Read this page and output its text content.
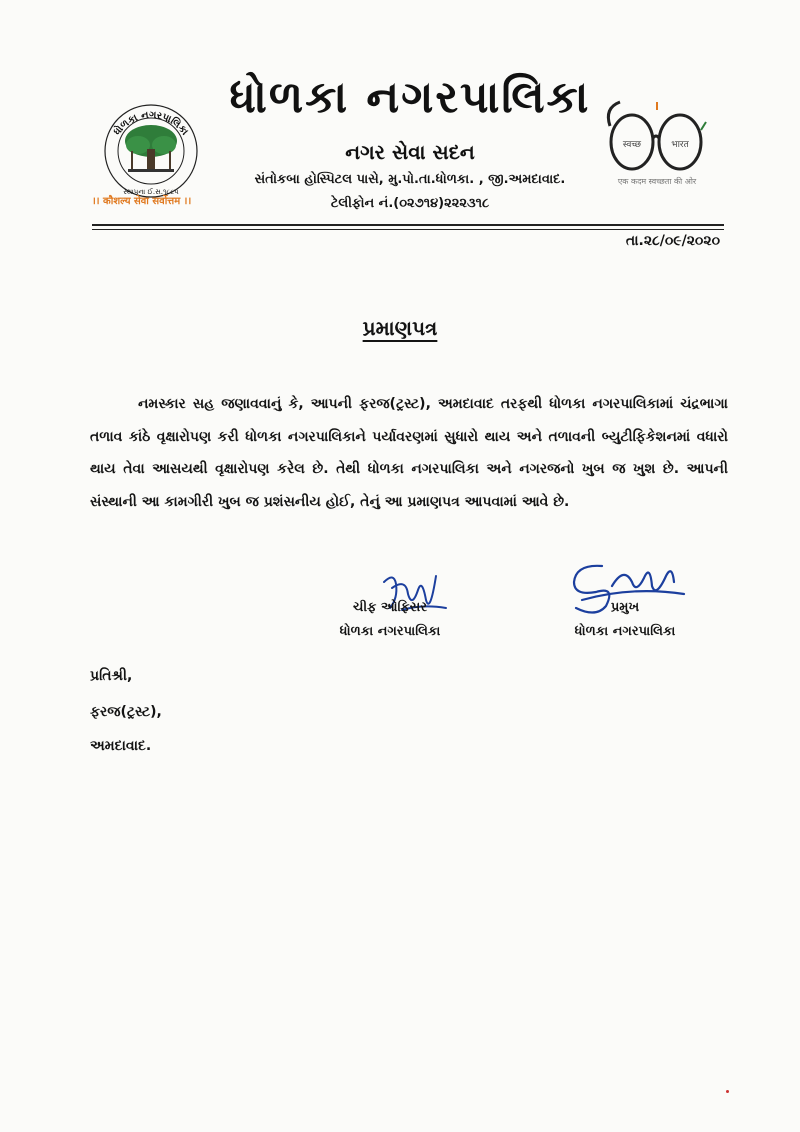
ધોળકા નગરપાલિકા
સ્થાપના ઈ.સ.૧૮૮૫
।। कौशल्य सेवा सर्वोत्तम ।।
ધોળકા નગરપાલિકા
નગર સેવા સદન
સંતોકબા હોસ્પિટલ પાસે, મુ.પો.તા.ધોળકા. , જી.અમદાવાદ.
ટેલીફોન નં.(૦૨૭૧૪)૨૨૨૩૧૮
स्वच्छ	भारत
एक कदम स्वच्छता की ओर
તા.૨૮/૦૯/૨૦૨૦
પ્રમાણપત્ર

નમસ્કાર સહ જણાવવાનું કે, આપની ફરજ(ટ્રસ્ટ), અમદાવાદ તરફથી ધોળકા નગરપાલિકામાં ચંદ્રભાગા તળાવ કાંઠે વૃક્ષારોપણ કરી ધોળકા નગરપાલિકાને પર્યાવરણમાં સુધારો થાય અને તળાવની બ્યુટીફિકેશનમાં વધારો થાય તેવા આસયથી વૃક્ષારોપણ કરેલ છે. તેથી ધોળકા નગરપાલિકા અને નગરજનો ખુબ જ ખુશ છે. આપની સંસ્થાની આ કામગીરી ખુબ જ પ્રશંસનીય હોઈ, તેનું આ પ્રમાણપત્ર આપવામાં આવે છે.

ચીફ ઓફિસર
ધોળકા નગરપાલિકા
પ્રમુખ
ધોળકા નગરપાલિકા
પ્રતિશ્રી,
ફરજ(ટ્રસ્ટ),
અમદાવાદ.
